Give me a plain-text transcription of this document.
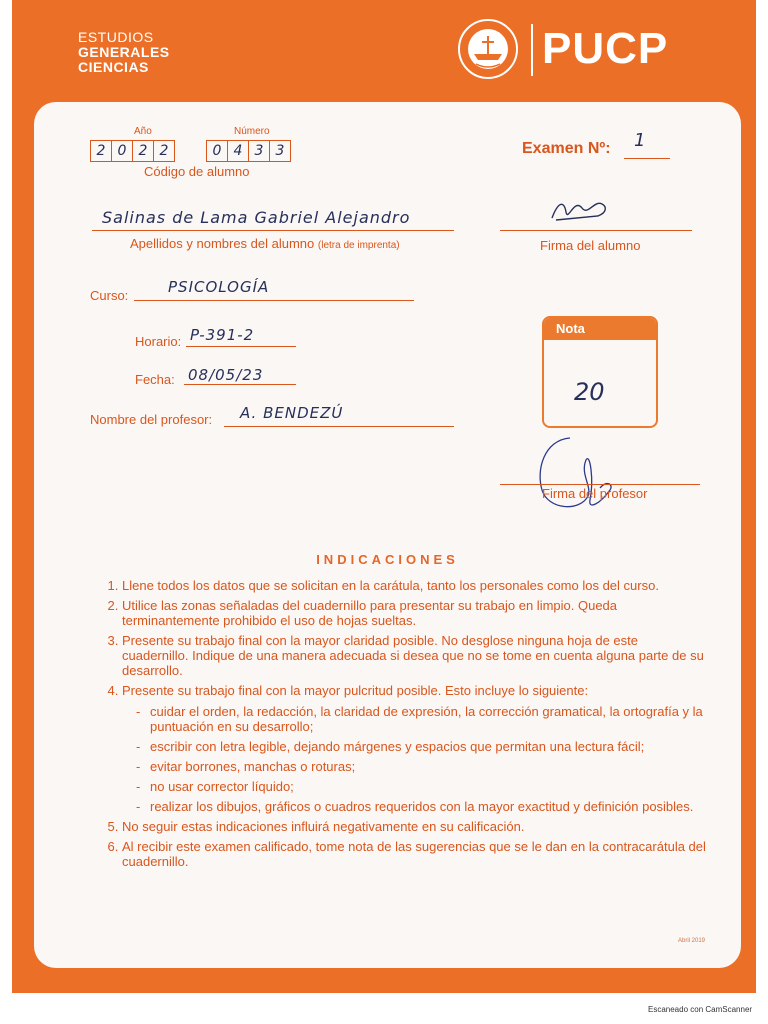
ESTUDIOS
GENERALES
CIENCIAS	PUCP
Año	Número
2 0 2 2	0 4 3 3
Código de alumno
Examen Nº: 1
Salinas de Lama Gabriel Alejandro
Apellidos y nombres del alumno (letra de imprenta)	Firma del alumno
Curso:	PSICOLOGÍA
Horario: P-391-2
Fecha: 08/05/23
Nombre del profesor: A. BENDEZÚ
Nota
20
Firma del profesor
INDICACIONES
1. Llene todos los datos que se solicitan en la carátula, tanto los personales como los del curso.
2. Utilice las zonas señaladas del cuadernillo para presentar su trabajo en limpio. Queda terminantemente prohibido el uso de hojas sueltas.
3. Presente su trabajo final con la mayor claridad posible. No desglose ninguna hoja de este cuadernillo. Indique de una manera adecuada si desea que no se tome en cuenta alguna parte de su desarrollo.
4. Presente su trabajo final con la mayor pulcritud posible. Esto incluye lo siguiente:
- cuidar el orden, la redacción, la claridad de expresión, la corrección gramatical, la ortografía y la puntuación en su desarrollo;
- escribir con letra legible, dejando márgenes y espacios que permitan una lectura fácil;
- evitar borrones, manchas o roturas;
- no usar corrector líquido;
- realizar los dibujos, gráficos o cuadros requeridos con la mayor exactitud y definición posibles.
5. No seguir estas indicaciones influirá negativamente en su calificación.
6. Al recibir este examen calificado, tome nota de las sugerencias que se le dan en la contracarátula del cuadernillo.
Abril 2019
Escaneado con CamScanner
